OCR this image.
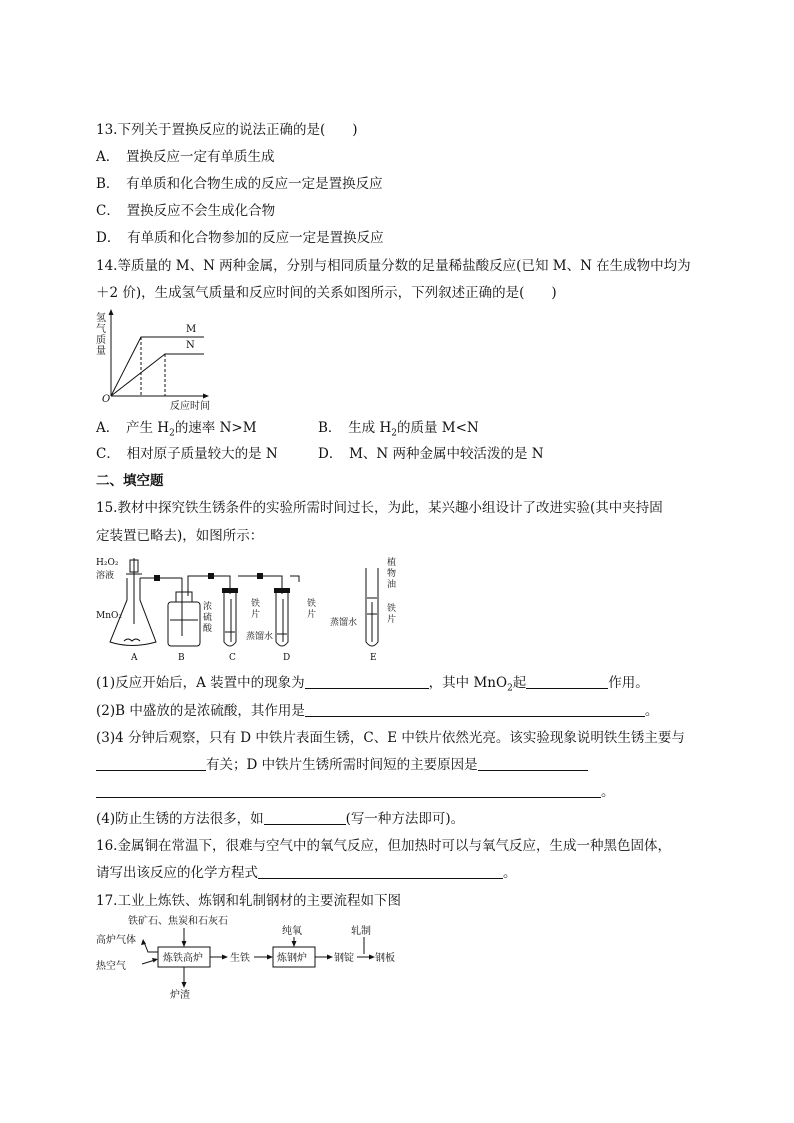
13.下列关于置换反应的说法正确的是(　　)
A．　置换反应一定有单质生成
B．　有单质和化合物生成的反应一定是置换反应
C．　置换反应不会生成化合物
D．　有单质和化合物参加的反应一定是置换反应
14.等质量的 M、N 两种金属，分别与相同质量分数的足量稀盐酸反应(已知 M、N 在生成物中均为
＋2 价)，生成氢气质量和反应时间的关系如图所示，下列叙述正确的是(　　)
氢
气
质
量
O
反应时间
M
N
A．　产生 $H_2$的速率 N>M	B．　生成 $H_2$的质量 M<N
C．　相对原子质量较大的是 N	D．　M、N 两种金属中较活泼的是 N
二、填空题
15.教材中探究铁生锈条件的实验所需时间过长，为此，某兴趣小组设计了改进实验(其中夹持固
定装置已略去)，如图所示：
H₂O₂
溶液
MnO₂
浓
硫
酸
铁
片
蒸馏水
铁
片
蒸馏水
植
物
油
铁
片
A	B	C	D	E
(1)反应开始后，A 装置中的现象为	，其中 MnO$_2$起	作用。
(2)B 中盛放的是浓硫酸，其作用是	。
(3)4 分钟后观察，只有 D 中铁片表面生锈，C、E 中铁片依然光亮。该实验现象说明铁生锈主要与
有关；D 中铁片生锈所需时间短的主要原因是
。
(4)防止生锈的方法很多，如	(写一种方法即可)。
16.金属铜在常温下，很难与空气中的氧气反应，但加热时可以与氧气反应，生成一种黑色固体，
请写出该反应的化学方程式	。
17.工业上炼铁、炼钢和轧制钢材的主要流程如下图
铁矿石、焦炭和石灰石
高炉气体
热空气
炼铁高炉
炉渣
生铁
纯氧
炼钢炉	钢锭
轧制
钢板
